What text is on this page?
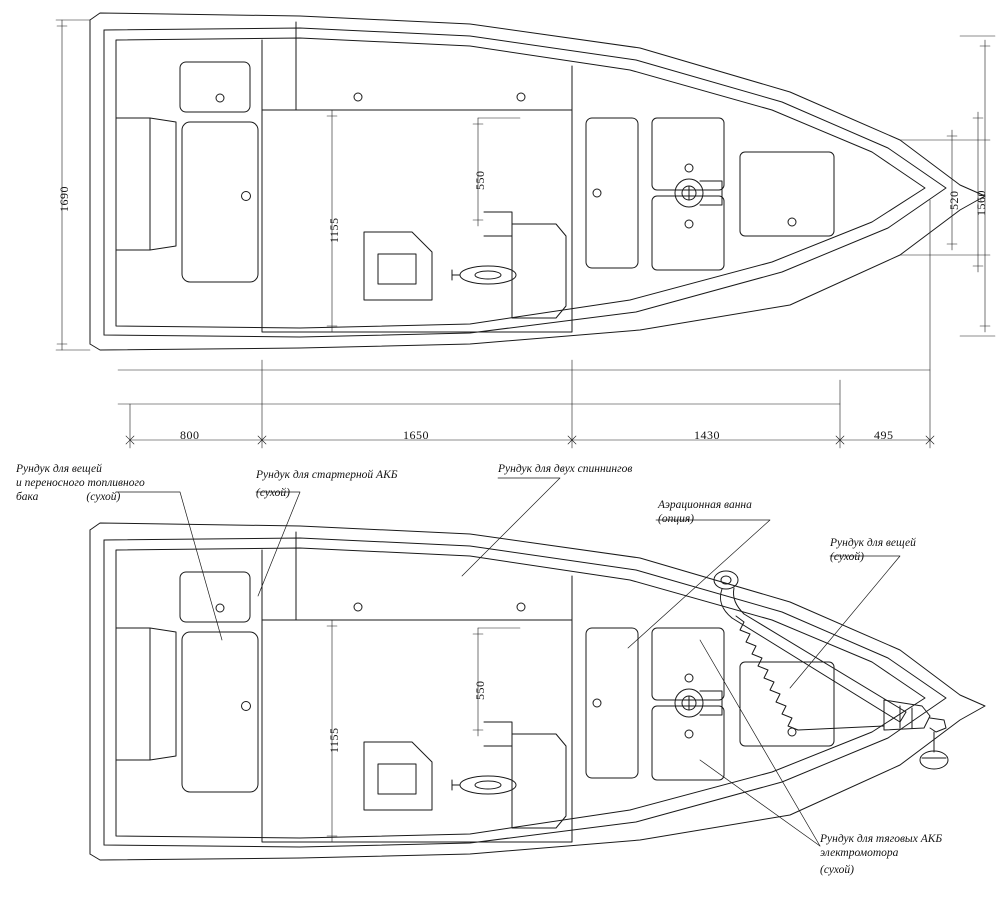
1690
1155
550
520 1560
800	1650	1430	495
1155
550
Рундук для вещей
и переносного топливного
бака	(сухой)
Рундук для стартерной АКБ
(сухой)
Рундук для двух спиннингов
Аэрационная ванна
(опция)
Рундук для вещей
(сухой)
Рундук для тяговых АКБ
электромотора
(сухой)
